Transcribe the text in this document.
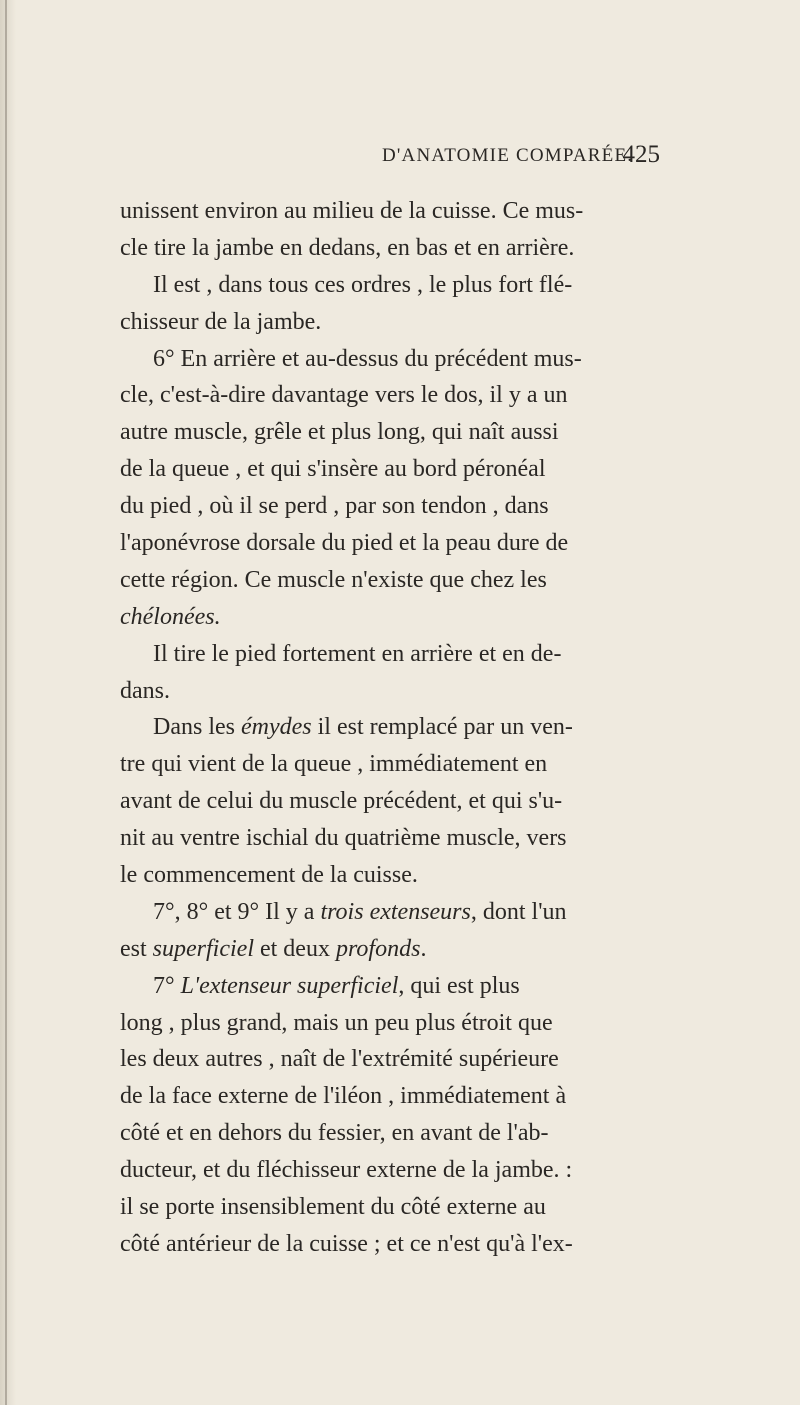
D'ANATOMIE COMPARÉE.
425
unissent environ au milieu de la cuisse. Ce mus-
cle tire la jambe en dedans, en bas et en arrière.
Il est , dans tous ces ordres , le plus fort flé-
chisseur de la jambe.
6° En arrière et au-dessus du précédent mus-
cle, c'est-à-dire davantage vers le dos, il y a un
autre muscle, grêle et plus long, qui naît aussi
de la queue , et qui s'insère au bord péronéal
du pied , où il se perd , par son tendon , dans
l'aponévrose dorsale du pied et la peau dure de
cette région. Ce muscle n'existe que chez les
chélonées.
Il tire le pied fortement en arrière et en de-
dans.
Dans les émydes il est remplacé par un ven-
tre qui vient de la queue , immédiatement en
avant de celui du muscle précédent, et qui s'u-
nit au ventre ischial du quatrième muscle, vers
le commencement de la cuisse.
7°, 8° et 9° Il y a trois extenseurs, dont l'un
est superficiel et deux profonds.
7° L'extenseur superficiel, qui est plus
long , plus grand, mais un peu plus étroit que
les deux autres , naît de l'extrémité supérieure
de la face externe de l'iléon , immédiatement à
côté et en dehors du fessier, en avant de l'ab-
ducteur, et du fléchisseur externe de la jambe. :
il se porte insensiblement du côté externe au
côté antérieur de la cuisse ; et ce n'est qu'à l'ex-
